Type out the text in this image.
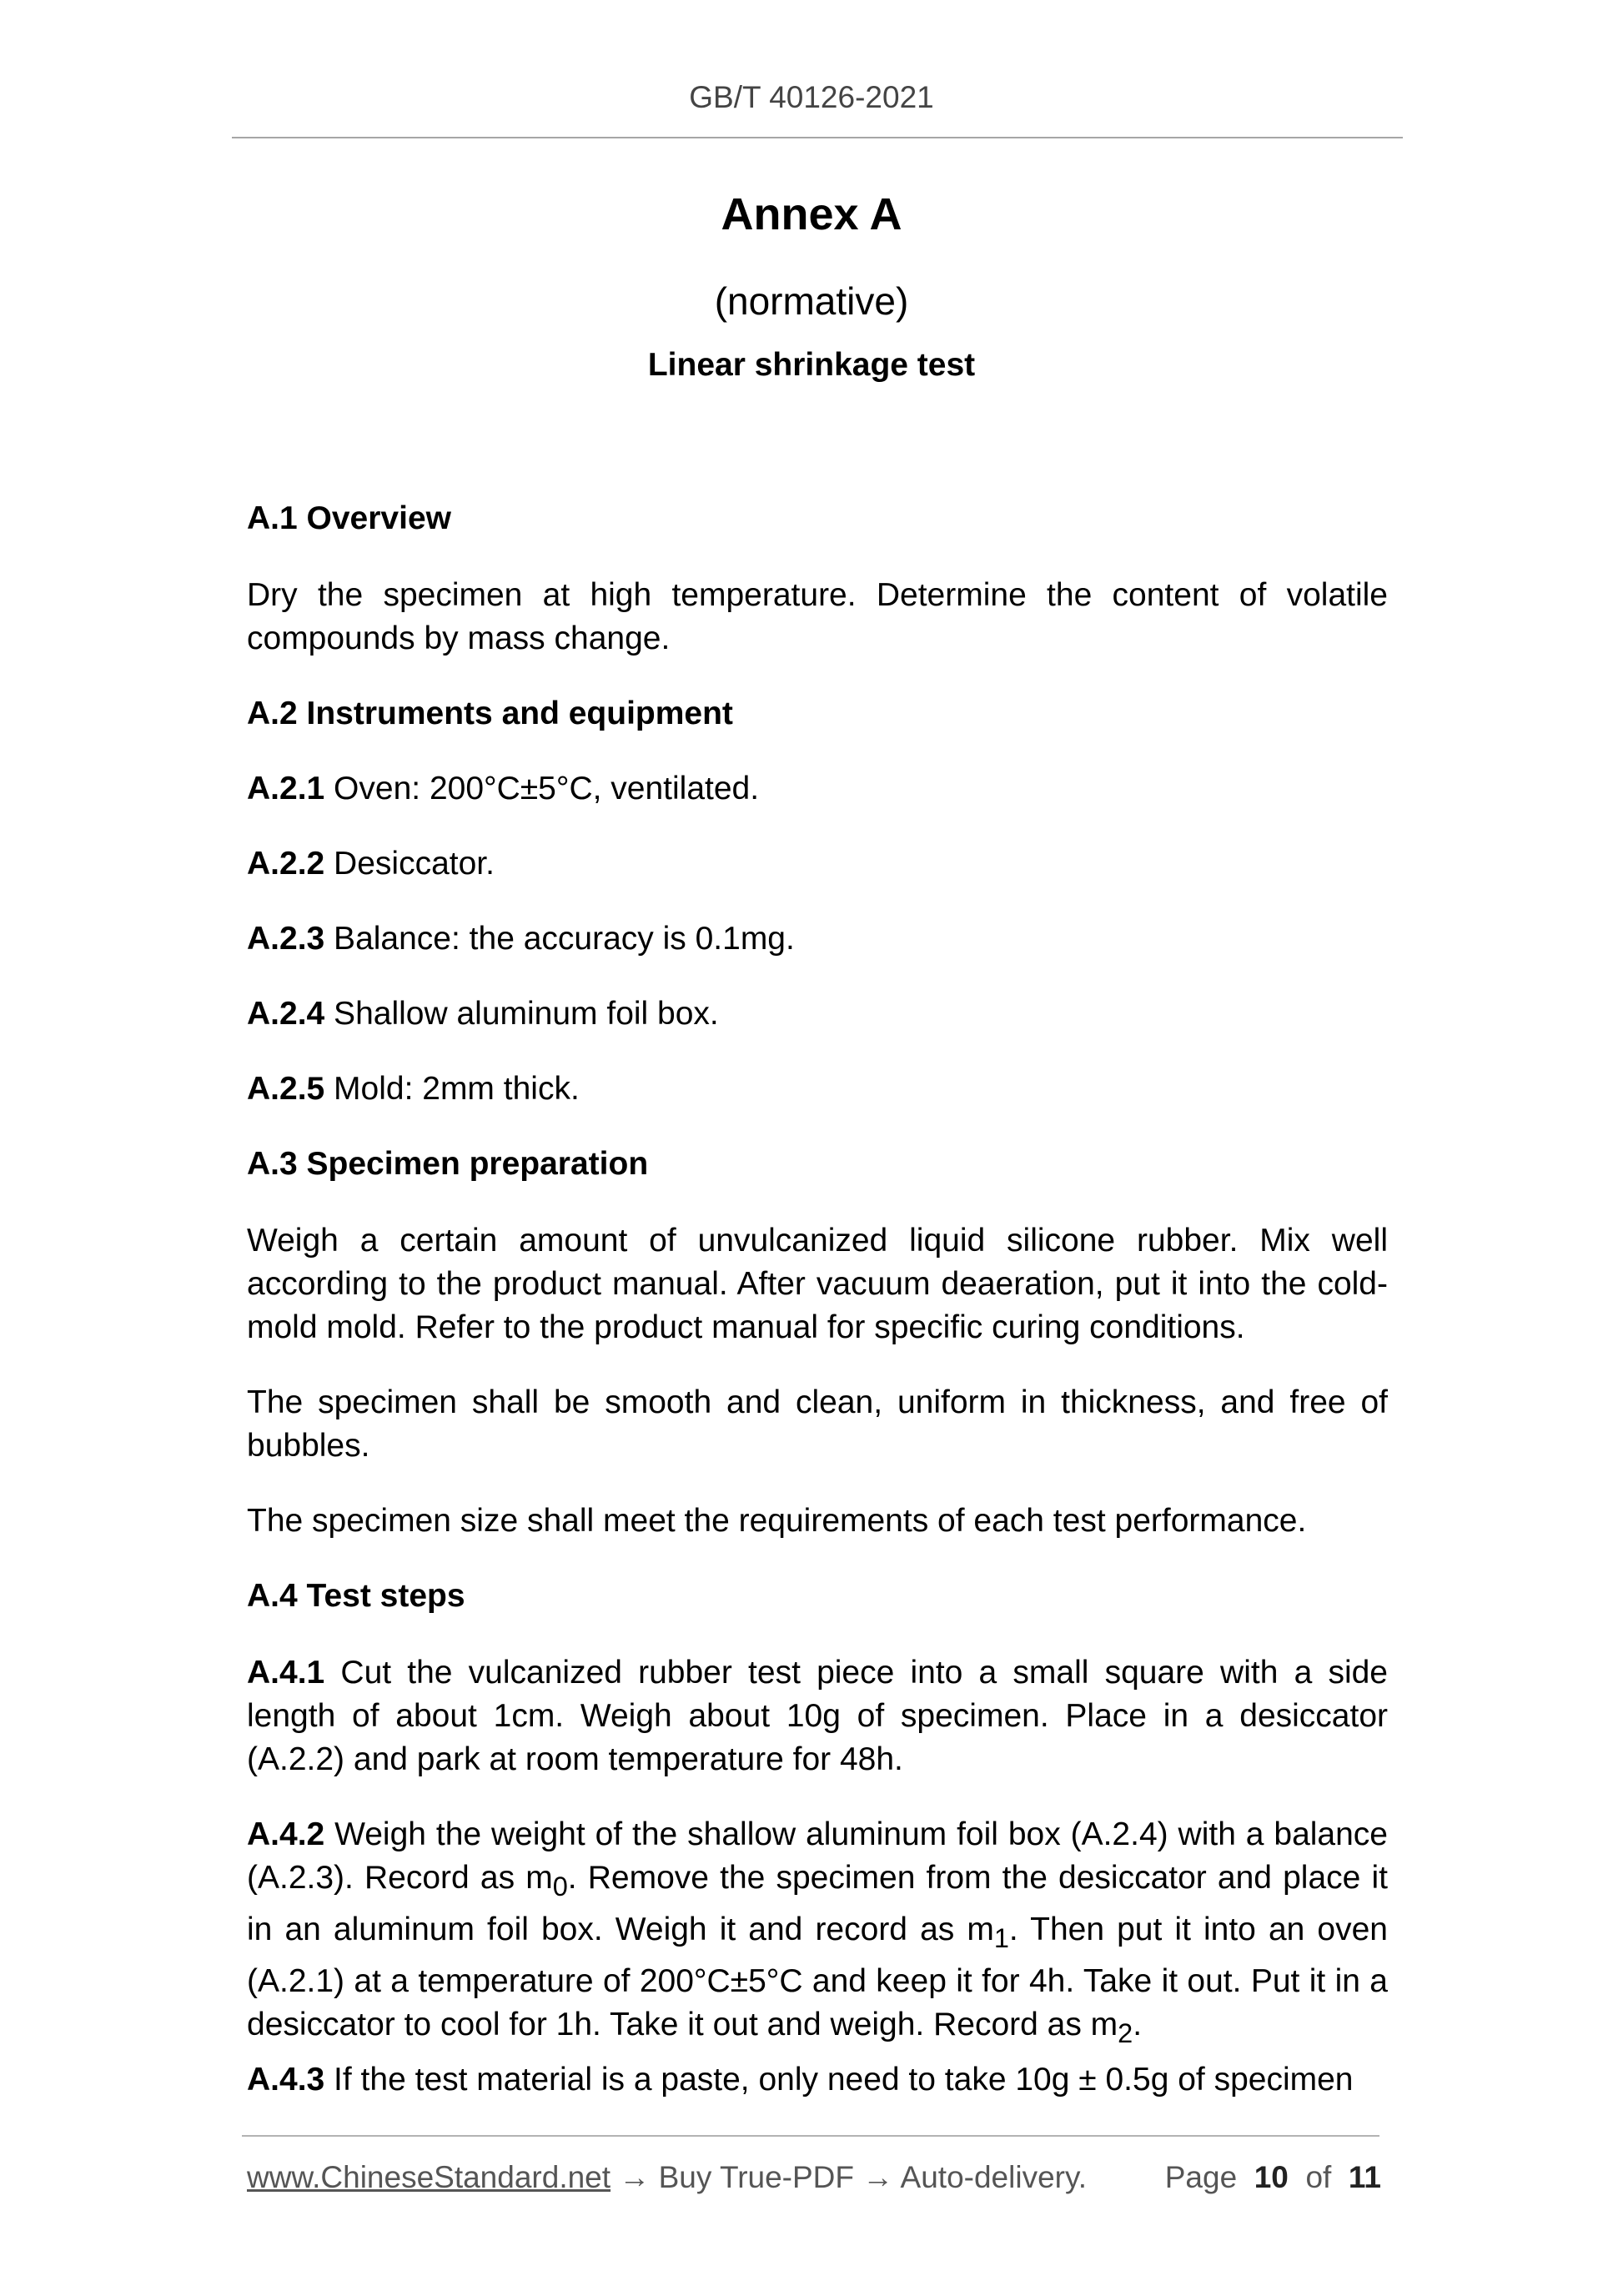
GB/T 40126-2021
Annex A
(normative)
Linear shrinkage test
A.1 Overview
Dry the specimen at high temperature. Determine the content of volatile compounds by mass change.
A.2 Instruments and equipment
A.2.1 Oven: 200°C±5°C, ventilated.
A.2.2 Desiccator.
A.2.3 Balance: the accuracy is 0.1mg.
A.2.4 Shallow aluminum foil box.
A.2.5 Mold: 2mm thick.
A.3 Specimen preparation
Weigh a certain amount of unvulcanized liquid silicone rubber. Mix well according to the product manual. After vacuum deaeration, put it into the cold-mold mold. Refer to the product manual for specific curing conditions.
The specimen shall be smooth and clean, uniform in thickness, and free of bubbles.
The specimen size shall meet the requirements of each test performance.
A.4 Test steps
A.4.1 Cut the vulcanized rubber test piece into a small square with a side length of about 1cm. Weigh about 10g of specimen. Place in a desiccator (A.2.2) and park at room temperature for 48h.
A.4.2 Weigh the weight of the shallow aluminum foil box (A.2.4) with a balance (A.2.3). Record as $m_0$. Remove the specimen from the desiccator and place it in an aluminum foil box. Weigh it and record as $m_1$. Then put it into an oven (A.2.1) at a temperature of 200°C±5°C and keep it for 4h. Take it out. Put it in a desiccator to cool for 1h. Take it out and weigh. Record as $m_2$.
A.4.3 If the test material is a paste, only need to take 10g ± 0.5g of specimen
www.ChineseStandard.net → Buy True-PDF → Auto-delivery.	Page 10 of 11
